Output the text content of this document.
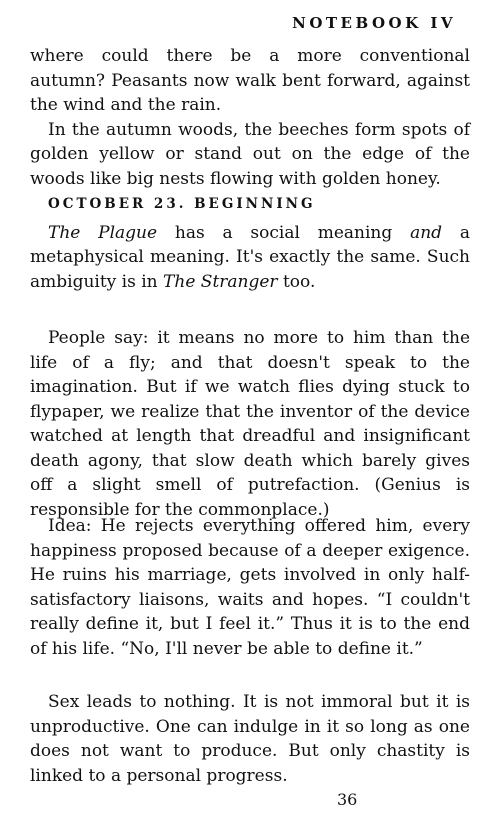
NOTEBOOK IV

where could there be a more conventional autumn? Peasants now walk bent forward, against the wind and the rain.

In the autumn woods, the beeches form spots of golden yellow or stand out on the edge of the woods like big nests flowing with golden honey.

OCTOBER 23. BEGINNING

The Plague has a social meaning and a metaphysical meaning. It's exactly the same. Such ambiguity is in The Stranger too.

People say: it means no more to him than the life of a fly; and that doesn't speak to the imagination. But if we watch flies dying stuck to flypaper, we realize that the inventor of the device watched at length that dreadful and insignificant death agony, that slow death which barely gives off a slight smell of putrefaction. (Genius is responsible for the commonplace.)

Idea: He rejects everything offered him, every happiness proposed because of a deeper exigence. He ruins his marriage, gets involved in only half-satisfactory liaisons, waits and hopes. “I couldn't really define it, but I feel it.” Thus it is to the end of his life. “No, I'll never be able to define it.”

Sex leads to nothing. It is not immoral but it is unproductive. One can indulge in it so long as one does not want to produce. But only chastity is linked to a personal progress.

36
